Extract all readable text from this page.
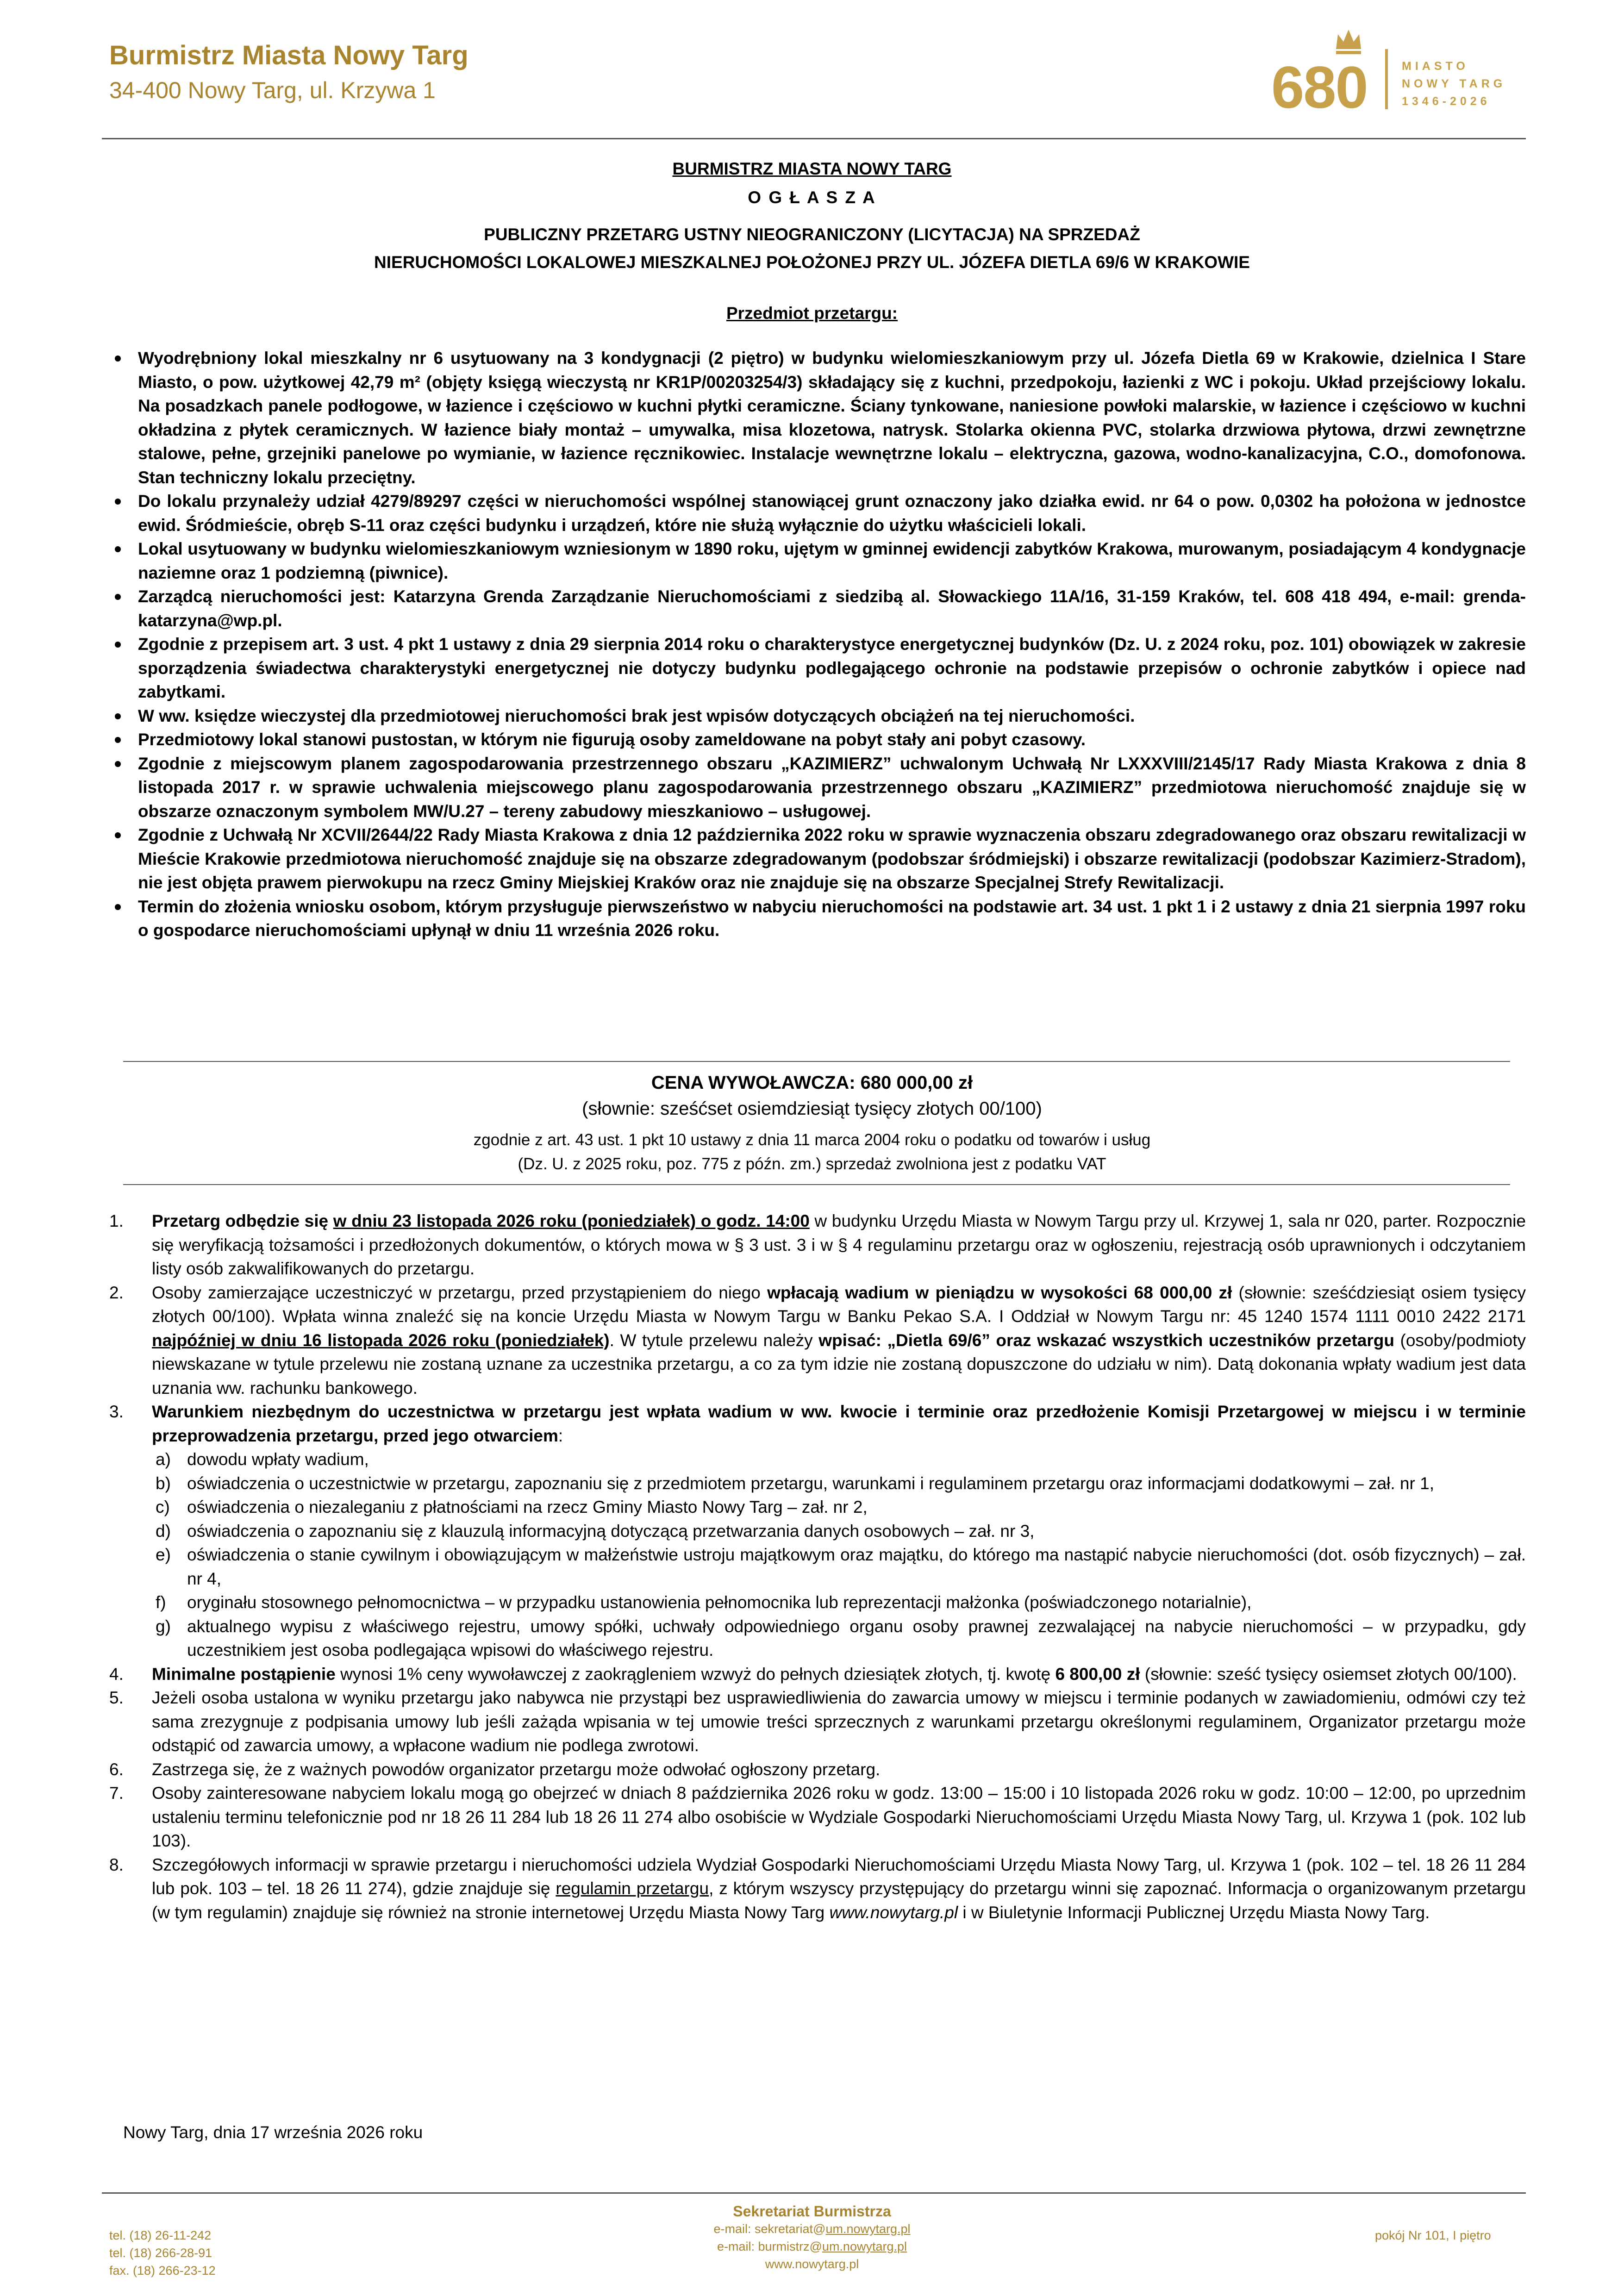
Burmistrz Miasta Nowy Targ
34-400 Nowy Targ, ul. Krzywa 1	680	MIASTO
NOWY TARG
1346-2026
BURMISTRZ MIASTA NOWY TARG
O G Ł A S Z A
PUBLICZNY PRZETARG USTNY NIEOGRANICZONY (LICYTACJA) NA SPRZEDAŻ
NIERUCHOMOŚCI LOKALOWEJ MIESZKALNEJ POŁOŻONEJ PRZY UL. JÓZEFA DIETLA 69/6 W KRAKOWIE
Przedmiot przetargu:
Wyodrębniony lokal mieszkalny nr 6 usytuowany na 3 kondygnacji (2 piętro) w budynku wielomieszkaniowym przy ul. Józefa Dietla 69 w Krakowie, dzielnica I Stare Miasto, o pow. użytkowej 42,79 m² (objęty księgą wieczystą nr KR1P/00203254/3) składający się z kuchni, przedpokoju, łazienki z WC i pokoju. Układ przejściowy lokalu. Na posadzkach panele podłogowe, w łazience i częściowo w kuchni płytki ceramiczne. Ściany tynkowane, naniesione powłoki malarskie, w łazience i częściowo w kuchni okładzina z płytek ceramicznych. W łazience biały montaż – umywalka, misa klozetowa, natrysk. Stolarka okienna PVC, stolarka drzwiowa płytowa, drzwi zewnętrzne stalowe, pełne, grzejniki panelowe po wymianie, w łazience ręcznikowiec. Instalacje wewnętrzne lokalu – elektryczna, gazowa, wodno-kanalizacyjna, C.O., domofonowa. Stan techniczny lokalu przeciętny.
Do lokalu przynależy udział 4279/89297 części w nieruchomości wspólnej stanowiącej grunt oznaczony jako działka ewid. nr 64 o pow. 0,0302 ha położona w jednostce ewid. Śródmieście, obręb S-11 oraz części budynku i urządzeń, które nie służą wyłącznie do użytku właścicieli lokali.
Lokal usytuowany w budynku wielomieszkaniowym wzniesionym w 1890 roku, ujętym w gminnej ewidencji zabytków Krakowa, murowanym, posiadającym 4 kondygnacje naziemne oraz 1 podziemną (piwnice).
Zarządcą nieruchomości jest: Katarzyna Grenda Zarządzanie Nieruchomościami z siedzibą al. Słowackiego 11A/16, 31-159 Kraków, tel. 608 418 494, e-mail: grenda-katarzyna@wp.pl.
Zgodnie z przepisem art. 3 ust. 4 pkt 1 ustawy z dnia 29 sierpnia 2014 roku o charakterystyce energetycznej budynków (Dz. U. z 2024 roku, poz. 101) obowiązek w zakresie sporządzenia świadectwa charakterystyki energetycznej nie dotyczy budynku podlegającego ochronie na podstawie przepisów o ochronie zabytków i opiece nad zabytkami.
W ww. księdze wieczystej dla przedmiotowej nieruchomości brak jest wpisów dotyczących obciążeń na tej nieruchomości.
Przedmiotowy lokal stanowi pustostan, w którym nie figurują osoby zameldowane na pobyt stały ani pobyt czasowy.
Zgodnie z miejscowym planem zagospodarowania przestrzennego obszaru „KAZIMIERZ” uchwalonym Uchwałą Nr LXXXVIII/2145/17 Rady Miasta Krakowa z dnia 8 listopada 2017 r. w sprawie uchwalenia miejscowego planu zagospodarowania przestrzennego obszaru „KAZIMIERZ” przedmiotowa nieruchomość znajduje się w obszarze oznaczonym symbolem MW/U.27 – tereny zabudowy mieszkaniowo – usługowej.
Zgodnie z Uchwałą Nr XCVII/2644/22 Rady Miasta Krakowa z dnia 12 października 2022 roku w sprawie wyznaczenia obszaru zdegradowanego oraz obszaru rewitalizacji w Mieście Krakowie przedmiotowa nieruchomość znajduje się na obszarze zdegradowanym (podobszar śródmiejski) i obszarze rewitalizacji (podobszar Kazimierz-Stradom), nie jest objęta prawem pierwokupu na rzecz Gminy Miejskiej Kraków oraz nie znajduje się na obszarze Specjalnej Strefy Rewitalizacji.
Termin do złożenia wniosku osobom, którym przysługuje pierwszeństwo w nabyciu nieruchomości na podstawie art. 34 ust. 1 pkt 1 i 2 ustawy z dnia 21 sierpnia 1997 roku o gospodarce nieruchomościami upłynął w dniu 11 września 2026 roku.
CENA WYWOŁAWCZA: 680 000,00 zł
(słownie: sześćset osiemdziesiąt tysięcy złotych 00/100)
zgodnie z art. 43 ust. 1 pkt 10 ustawy z dnia 11 marca 2004 roku o podatku od towarów i usług
(Dz. U. z 2025 roku, poz. 775 z późn. zm.) sprzedaż zwolniona jest z podatku VAT
1. Przetarg odbędzie się w dniu 23 listopada 2026 roku (poniedziałek) o godz. 14:00 w budynku Urzędu Miasta w Nowym Targu przy ul. Krzywej 1, sala nr 020, parter. Rozpocznie się weryfikacją tożsamości i przedłożonych dokumentów, o których mowa w § 3 ust. 3 i w § 4 regulaminu przetargu oraz w ogłoszeniu, rejestracją osób uprawnionych i odczytaniem listy osób zakwalifikowanych do przetargu.
2. Osoby zamierzające uczestniczyć w przetargu, przed przystąpieniem do niego wpłacają wadium w pieniądzu w wysokości 68 000,00 zł (słownie: sześćdziesiąt osiem tysięcy złotych 00/100). Wpłata winna znaleźć się na koncie Urzędu Miasta w Nowym Targu w Banku Pekao S.A. I Oddział w Nowym Targu nr: 45 1240 1574 1111 0010 2422 2171 najpóźniej w dniu 16 listopada 2026 roku (poniedziałek). W tytule przelewu należy wpisać: „Dietla 69/6” oraz wskazać wszystkich uczestników przetargu (osoby/podmioty niewskazane w tytule przelewu nie zostaną uznane za uczestnika przetargu, a co za tym idzie nie zostaną dopuszczone do udziału w nim). Datą dokonania wpłaty wadium jest data uznania ww. rachunku bankowego.
3. Warunkiem niezbędnym do uczestnictwa w przetargu jest wpłata wadium w ww. kwocie i terminie oraz przedłożenie Komisji Przetargowej w miejscu i w terminie przeprowadzenia przetargu, przed jego otwarciem:
a) dowodu wpłaty wadium,
b) oświadczenia o uczestnictwie w przetargu, zapoznaniu się z przedmiotem przetargu, warunkami i regulaminem przetargu oraz informacjami dodatkowymi – zał. nr 1,
c) oświadczenia o niezaleganiu z płatnościami na rzecz Gminy Miasto Nowy Targ – zał. nr 2,
d) oświadczenia o zapoznaniu się z klauzulą informacyjną dotyczącą przetwarzania danych osobowych – zał. nr 3,
e) oświadczenia o stanie cywilnym i obowiązującym w małżeństwie ustroju majątkowym oraz majątku, do którego ma nastąpić nabycie nieruchomości (dot. osób fizycznych) – zał. nr 4,
f) oryginału stosownego pełnomocnictwa – w przypadku ustanowienia pełnomocnika lub reprezentacji małżonka (poświadczonego notarialnie),
g) aktualnego wypisu z właściwego rejestru, umowy spółki, uchwały odpowiedniego organu osoby prawnej zezwalającej na nabycie nieruchomości – w przypadku, gdy uczestnikiem jest osoba podlegająca wpisowi do właściwego rejestru.
4. Minimalne postąpienie wynosi 1% ceny wywoławczej z zaokrągleniem wzwyż do pełnych dziesiątek złotych, tj. kwotę 6 800,00 zł (słownie: sześć tysięcy osiemset złotych 00/100).
5. Jeżeli osoba ustalona w wyniku przetargu jako nabywca nie przystąpi bez usprawiedliwienia do zawarcia umowy w miejscu i terminie podanych w zawiadomieniu, odmówi czy też sama zrezygnuje z podpisania umowy lub jeśli zażąda wpisania w tej umowie treści sprzecznych z warunkami przetargu określonymi regulaminem, Organizator przetargu może odstąpić od zawarcia umowy, a wpłacone wadium nie podlega zwrotowi.
6. Zastrzega się, że z ważnych powodów organizator przetargu może odwołać ogłoszony przetarg.
7. Osoby zainteresowane nabyciem lokalu mogą go obejrzeć w dniach 8 października 2026 roku w godz. 13:00 – 15:00 i 10 listopada 2026 roku w godz. 10:00 – 12:00, po uprzednim ustaleniu terminu telefonicznie pod nr 18 26 11 284 lub 18 26 11 274 albo osobiście w Wydziale Gospodarki Nieruchomościami Urzędu Miasta Nowy Targ, ul. Krzywa 1 (pok. 102 lub 103).
8. Szczegółowych informacji w sprawie przetargu i nieruchomości udziela Wydział Gospodarki Nieruchomościami Urzędu Miasta Nowy Targ, ul. Krzywa 1 (pok. 102 – tel. 18 26 11 284 lub pok. 103 – tel. 18 26 11 274), gdzie znajduje się regulamin przetargu, z którym wszyscy przystępujący do przetargu winni się zapoznać. Informacja o organizowanym przetargu (w tym regulamin) znajduje się również na stronie internetowej Urzędu Miasta Nowy Targ www.nowytarg.pl i w Biuletynie Informacji Publicznej Urzędu Miasta Nowy Targ.
Nowy Targ, dnia 17 września 2026 roku
tel. (18) 26-11-242
tel. (18) 266-28-91
fax. (18) 266-23-12
Sekretariat Burmistrza
e-mail: sekretariat@um.nowytarg.pl
e-mail: burmistrz@um.nowytarg.pl
www.nowytarg.pl
pokój Nr 101, I piętro
